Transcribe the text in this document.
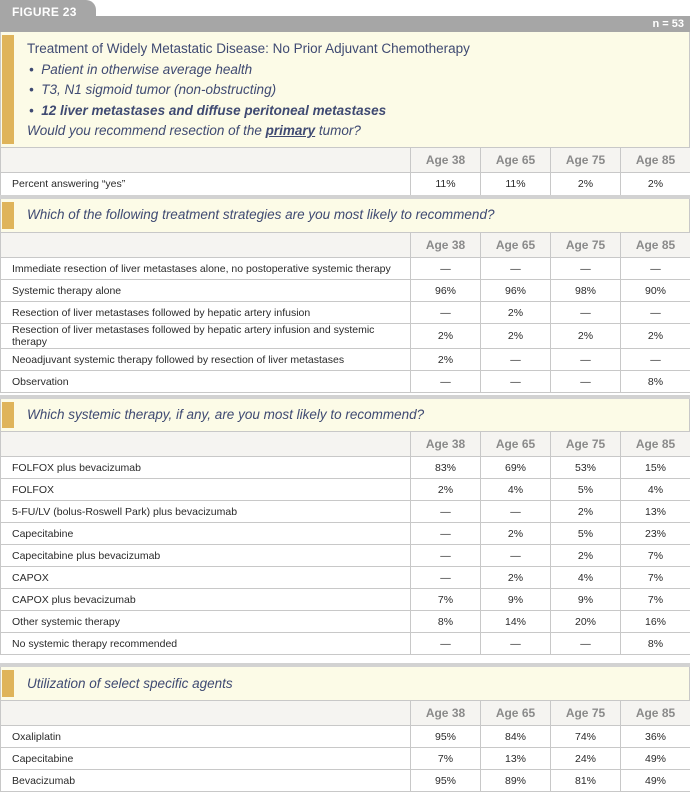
FIGURE 23
n = 53
Treatment of Widely Metastatic Disease: No Prior Adjuvant Chemotherapy
•  Patient in otherwise average health
•  T3, N1 sigmoid tumor (non-obstructing)
•  12 liver metastases and diffuse peritoneal metastases
Would you recommend resection of the primary tumor?
	Age 38	Age 65	Age 75	Age 85
Percent answering “yes”	11%	11%	2%	2%
Which of the following treatment strategies are you most likely to recommend?
	Age 38	Age 65	Age 75	Age 85
Immediate resection of liver metastases alone, no postoperative systemic therapy	—	—	—	—
Systemic therapy alone	96%	96%	98%	90%
Resection of liver metastases followed by hepatic artery infusion	—	2%	—	—
Resection of liver metastases followed by hepatic artery infusion and systemic therapy	2%	2%	2%	2%
Neoadjuvant systemic therapy followed by resection of liver metastases	2%	—	—	—
Observation	—	—	—	8%
Which systemic therapy, if any, are you most likely to recommend?
	Age 38	Age 65	Age 75	Age 85
FOLFOX plus bevacizumab	83%	69%	53%	15%
FOLFOX	2%	4%	5%	4%
5-FU/LV (bolus-Roswell Park) plus bevacizumab	—	—	2%	13%
Capecitabine	—	2%	5%	23%
Capecitabine plus bevacizumab	—	—	2%	7%
CAPOX	—	2%	4%	7%
CAPOX plus bevacizumab	7%	9%	9%	7%
Other systemic therapy	8%	14%	20%	16%
No systemic therapy recommended	—	—	—	8%
Utilization of select specific agents
	Age 38	Age 65	Age 75	Age 85
Oxaliplatin	95%	84%	74%	36%
Capecitabine	7%	13%	24%	49%
Bevacizumab	95%	89%	81%	49%
